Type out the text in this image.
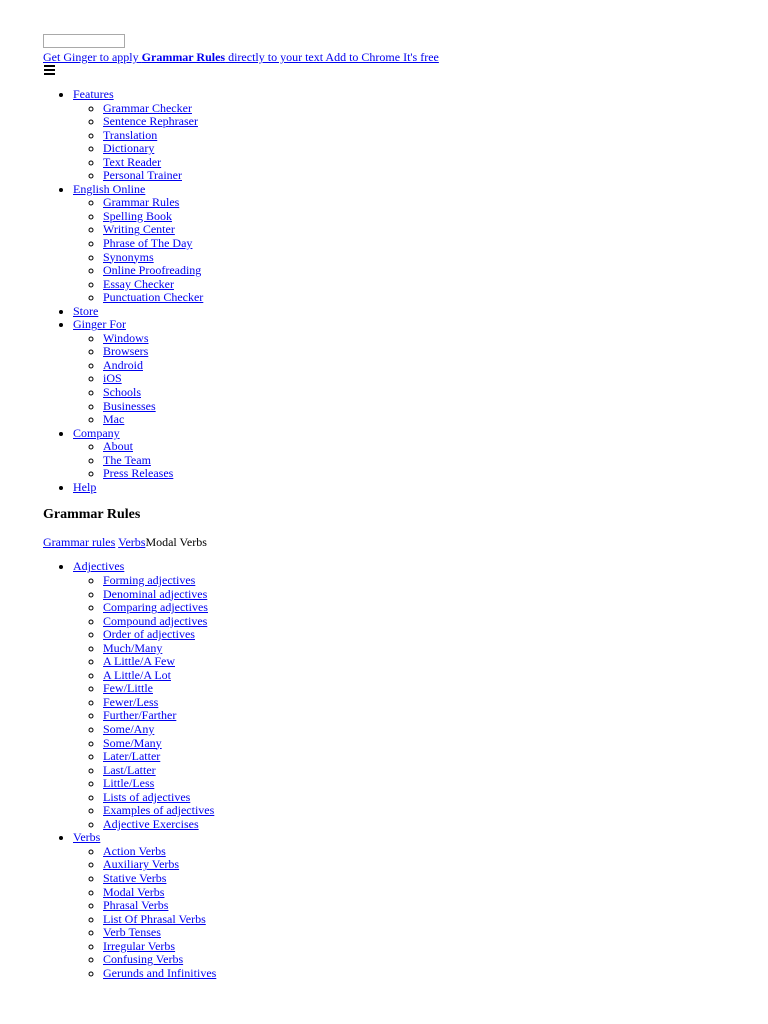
Get Ginger to apply Grammar Rules directly to your text Add to Chrome It's free
• Features
◦ Grammar Checker
◦ Sentence Rephraser
◦ Translation
◦ Dictionary
◦ Text Reader
◦ Personal Trainer
• English Online
◦ Grammar Rules
◦ Spelling Book
◦ Writing Center
◦ Phrase of The Day
◦ Synonyms
◦ Online Proofreading
◦ Essay Checker
◦ Punctuation Checker
• Store
• Ginger For
◦ Windows
◦ Browsers
◦ Android
◦ iOS
◦ Schools
◦ Businesses
◦ Mac
• Company
◦ About
◦ The Team
◦ Press Releases
• Help
Grammar Rules
Grammar rules VerbsModal Verbs
• Adjectives
◦ Forming adjectives
◦ Denominal adjectives
◦ Comparing adjectives
◦ Compound adjectives
◦ Order of adjectives
◦ Much/Many
◦ A Little/A Few
◦ A Little/A Lot
◦ Few/Little
◦ Fewer/Less
◦ Further/Farther
◦ Some/Any
◦ Some/Many
◦ Later/Latter
◦ Last/Latter
◦ Little/Less
◦ Lists of adjectives
◦ Examples of adjectives
◦ Adjective Exercises
• Verbs
◦ Action Verbs
◦ Auxiliary Verbs
◦ Stative Verbs
◦ Modal Verbs
◦ Phrasal Verbs
◦ List Of Phrasal Verbs
◦ Verb Tenses
◦ Irregular Verbs
◦ Confusing Verbs
◦ Gerunds and Infinitives
